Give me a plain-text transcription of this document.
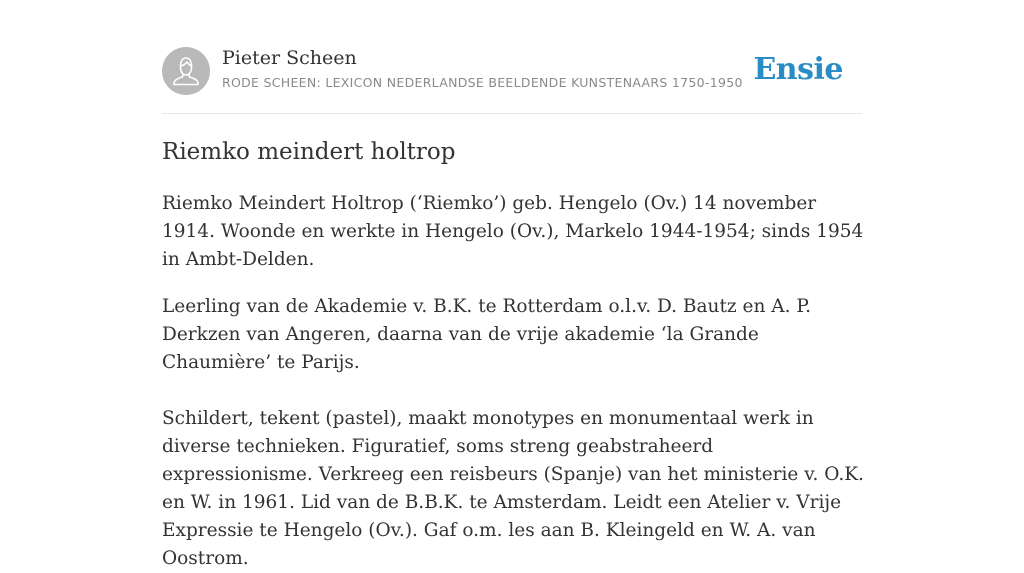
Pieter Scheen
RODE SCHEEN: LEXICON NEDERLANDSE BEELDENDE KUNSTENAARS 1750-1950 Ensie
Riemko meindert holtrop

Riemko Meindert Holtrop (‘Riemko’) geb. Hengelo (Ov.) 14 november 1914. Woonde en werkte in Hengelo (Ov.), Markelo 1944-1954; sinds 1954 in Ambt-Delden.

Leerling van de Akademie v. B.K. te Rotterdam o.l.v. D. Bautz en A. P. Derkzen van Angeren, daarna van de vrije akademie ‘la Grande Chaumière’ te Parijs.

Schildert, tekent (pastel), maakt monotypes en monumentaal werk in diverse technieken. Figuratief, soms streng geabstraheerd expressionisme. Verkreeg een reisbeurs (Spanje) van het ministerie v. O.K. en W. in 1961. Lid van de B.B.K. te Amsterdam. Leidt een Atelier v. Vrije Expressie te Hengelo (Ov.). Gaf o.m. les aan B. Kleingeld en W. A. van Oostrom.
